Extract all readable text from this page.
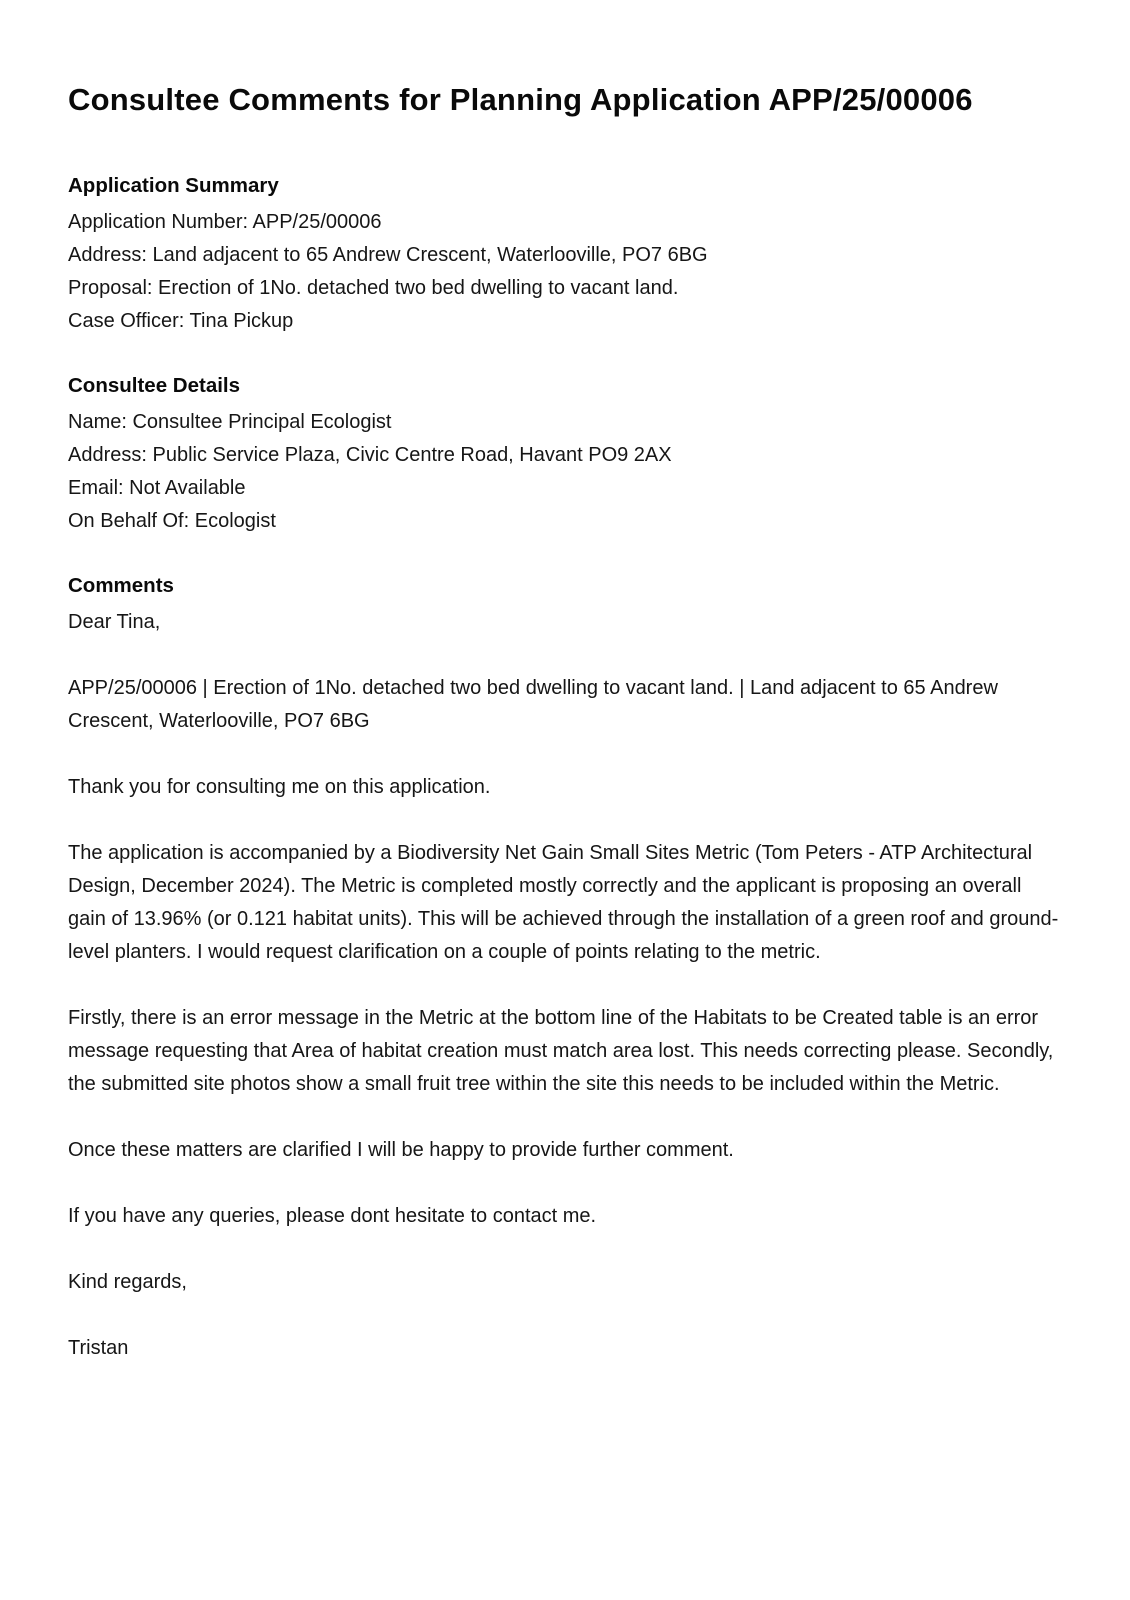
Consultee Comments for Planning Application APP/25/00006
Application Summary
Application Number: APP/25/00006
Address: Land adjacent to 65 Andrew Crescent, Waterlooville, PO7 6BG
Proposal: Erection of 1No. detached two bed dwelling to vacant land.
Case Officer: Tina Pickup
Consultee Details
Name: Consultee Principal Ecologist
Address: Public Service Plaza, Civic Centre Road, Havant PO9 2AX
Email: Not Available
On Behalf Of: Ecologist
Comments

Dear Tina,

APP/25/00006 | Erection of 1No. detached two bed dwelling to vacant land. | Land adjacent to 65 Andrew Crescent, Waterlooville, PO7 6BG

Thank you for consulting me on this application.

The application is accompanied by a Biodiversity Net Gain Small Sites Metric (Tom Peters - ATP Architectural Design, December 2024). The Metric is completed mostly correctly and the applicant is proposing an overall gain of 13.96% (or 0.121 habitat units). This will be achieved through the installation of a green roof and ground-level planters. I would request clarification on a couple of points relating to the metric.

Firstly, there is an error message in the Metric at the bottom line of the Habitats to be Created table is an error message requesting that Area of habitat creation must match area lost. This needs correcting please. Secondly, the submitted site photos show a small fruit tree within the site this needs to be included within the Metric.

Once these matters are clarified I will be happy to provide further comment.

If you have any queries, please dont hesitate to contact me.

Kind regards,

Tristan
